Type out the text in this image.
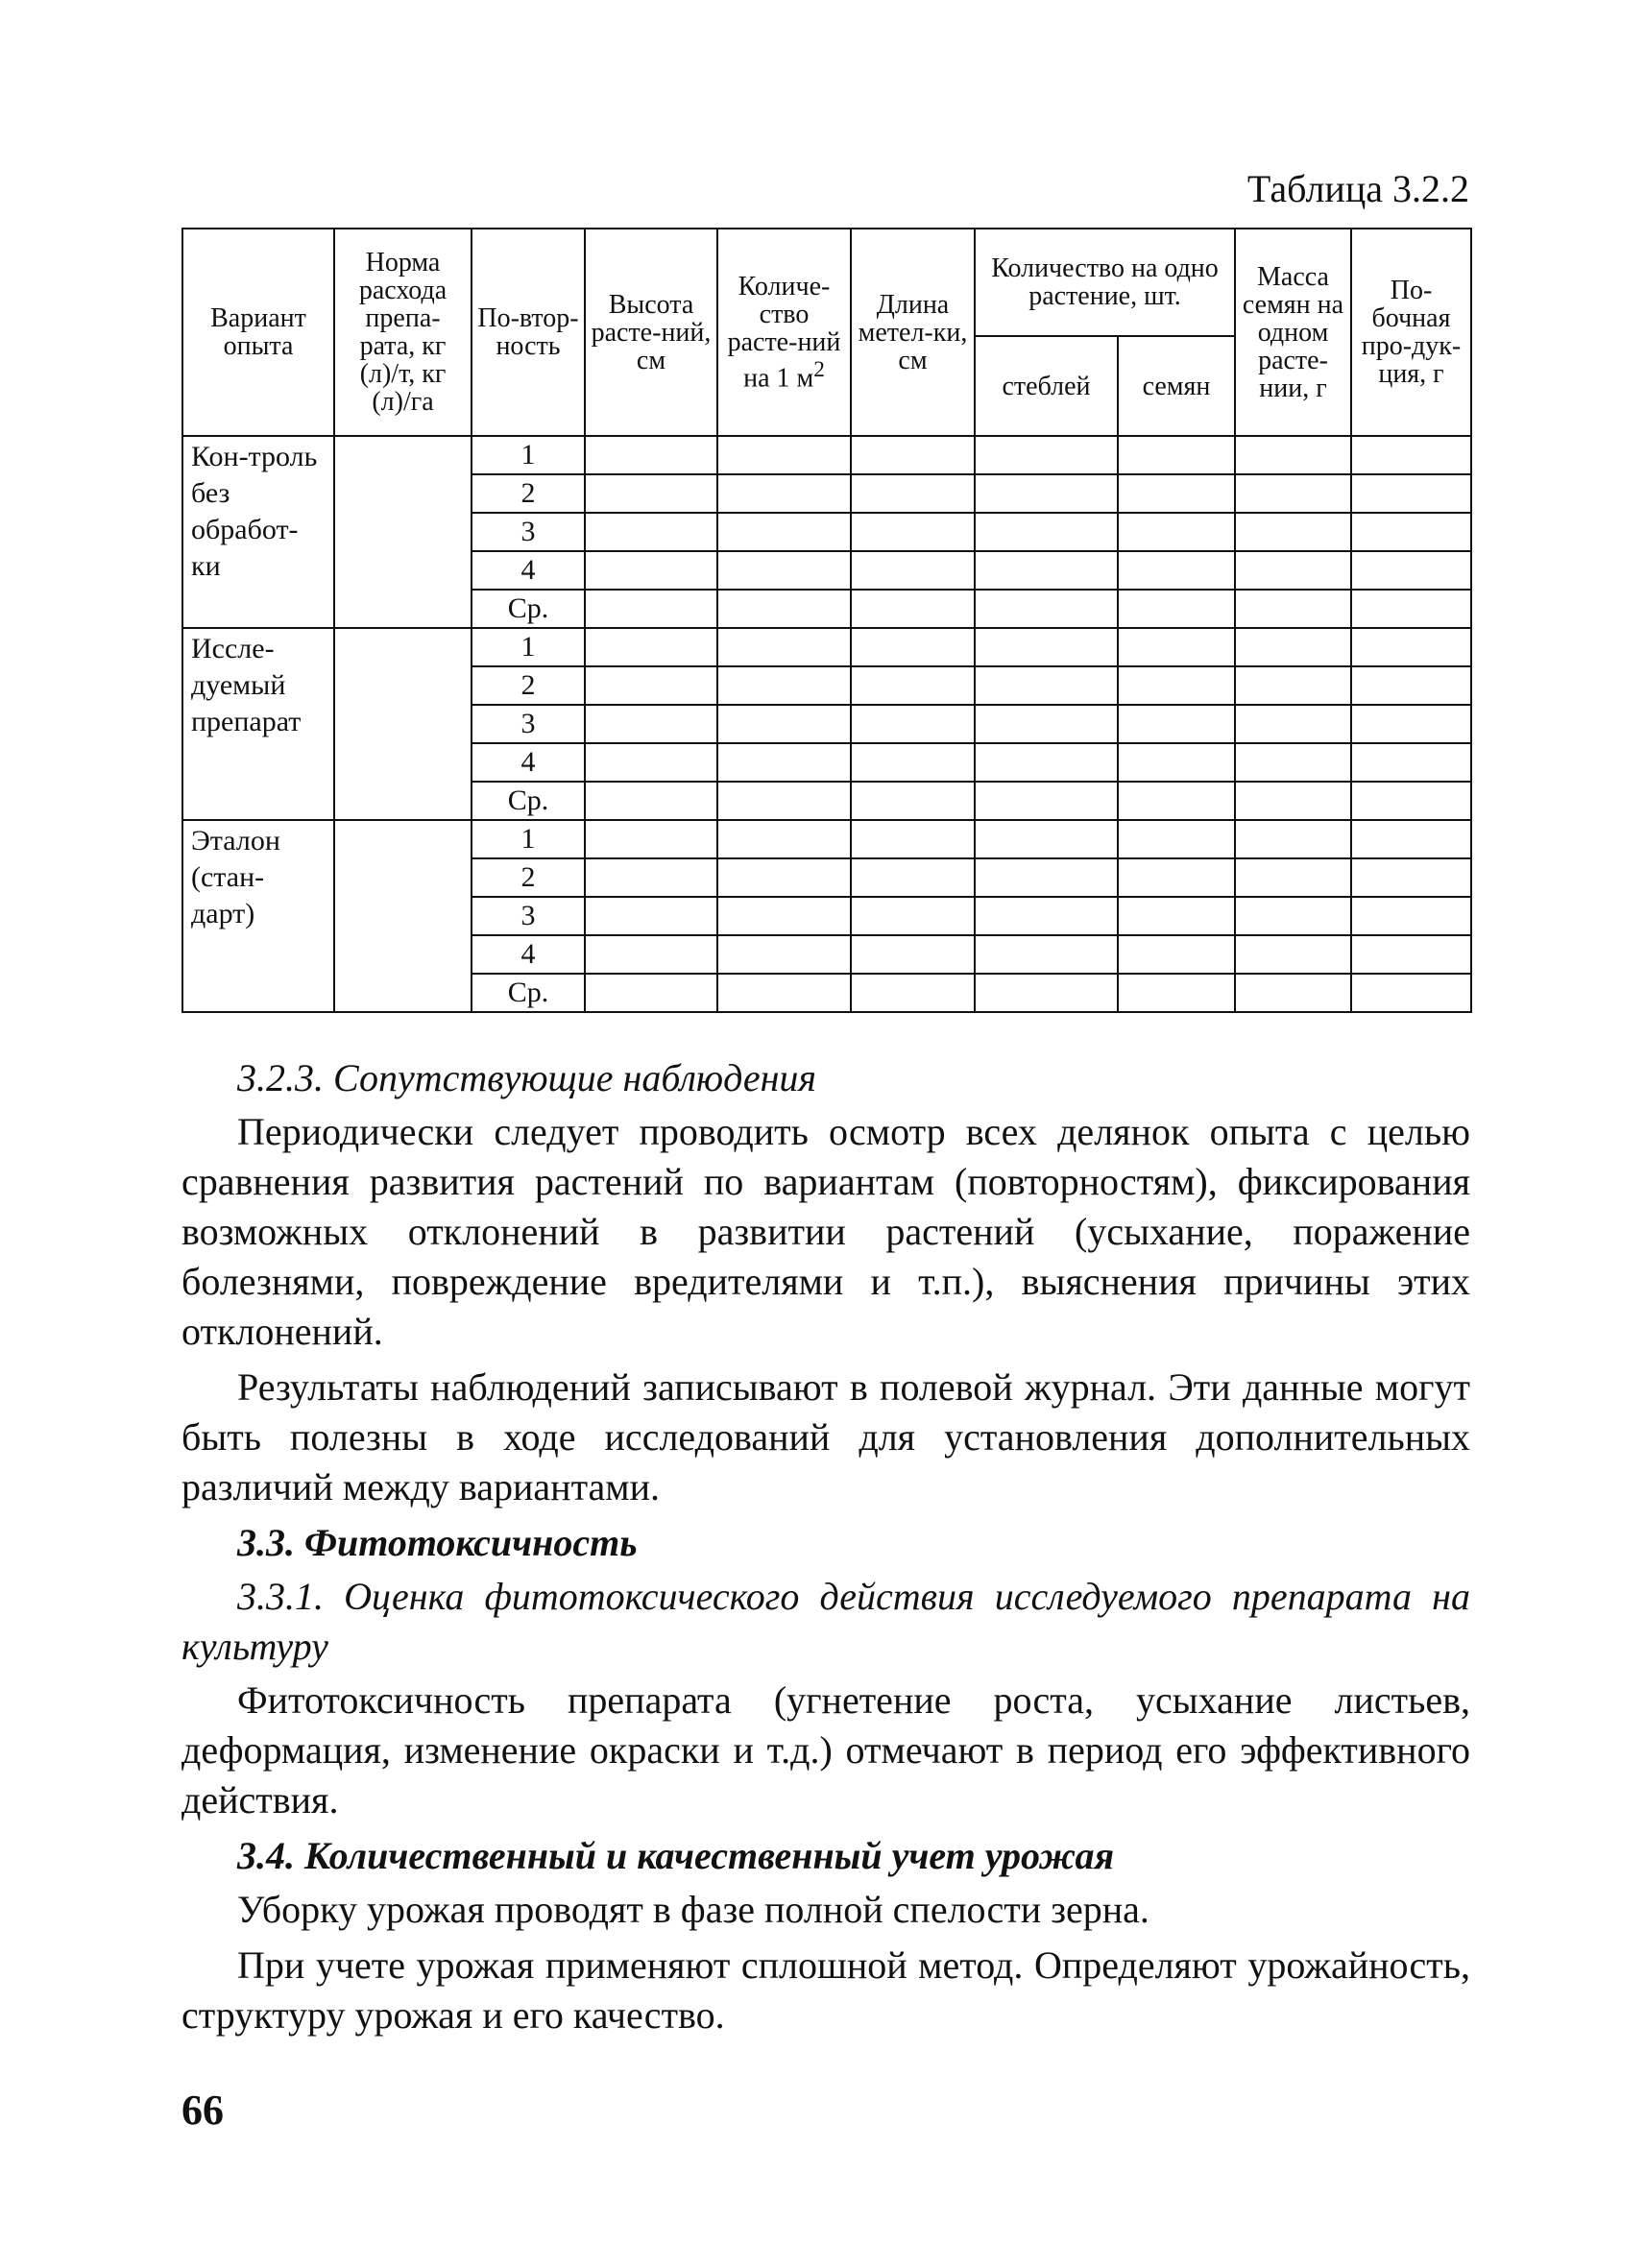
Таблица 3.2.2
Вариант опыта	Норма расхода препа-рата, кг (л)/т, кг (л)/га	По-втор-ность	Высота расте-ний, см	Количе-ство расте-ний на 1 $м^2$	Длина метел-ки, см	Количество на одно растение, шт.		Масса семян на одном расте-нии, г	По-бочная про-дук-ция, г
						стеблей	семян		
Кон-троль без обработ-ки		1							
		2							
		3							
		4							
		Ср.							
Иссле-дуемый препарат		1							
		2							
		3							
		4							
		Ср.							
Эталон (стан-дарт)		1							
		2							
		3							
		4							
		Ср.							

3.2.3. Сопутствующие наблюдения

Периодически следует проводить осмотр всех делянок опыта с целью сравнения развития растений по вариантам (повторностям), фиксирования возможных отклонений в развитии растений (усыхание, поражение болезнями, повреждение вредителями и т.п.), выяснения причины этих отклонений.

Результаты наблюдений записывают в полевой журнал. Эти данные могут быть полезны в ходе исследований для установления дополнительных различий между вариантами.

3.3. Фитотоксичность

3.3.1. Оценка фитотоксического действия исследуемого препарата на культуру

Фитотоксичность препарата (угнетение роста, усыхание листьев, деформация, изменение окраски и т.д.) отмечают в период его эффективного действия.

3.4. Количественный и качественный учет урожая

Уборку урожая проводят в фазе полной спелости зерна.

При учете урожая применяют сплошной метод. Определяют урожайность, структуру урожая и его качество.

66
